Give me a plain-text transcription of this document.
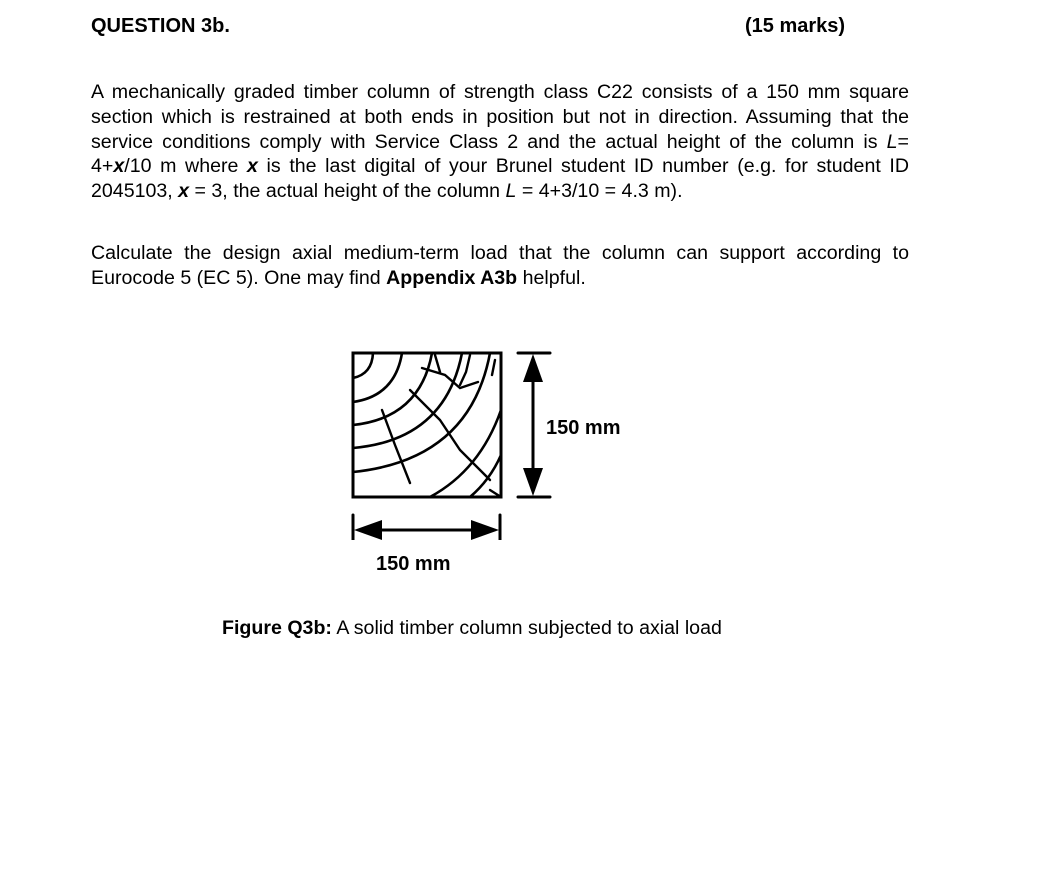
QUESTION 3b.	(15 marks)
A mechanically graded timber column of strength class C22 consists of a 150 mm square section which is restrained at both ends in position but not in direction. Assuming that the service conditions comply with Service Class 2 and the actual height of the column is L= 4+x/10 m where x is the last digital of your Brunel student ID number (e.g. for student ID 2045103, x = 3, the actual height of the column L = 4+3/10 = 4.3 m).
Calculate the design axial medium-term load that the column can support according to Eurocode 5 (EC 5). One may find Appendix A3b helpful.
150 mm
150 mm
Figure Q3b: A solid timber column subjected to axial load
